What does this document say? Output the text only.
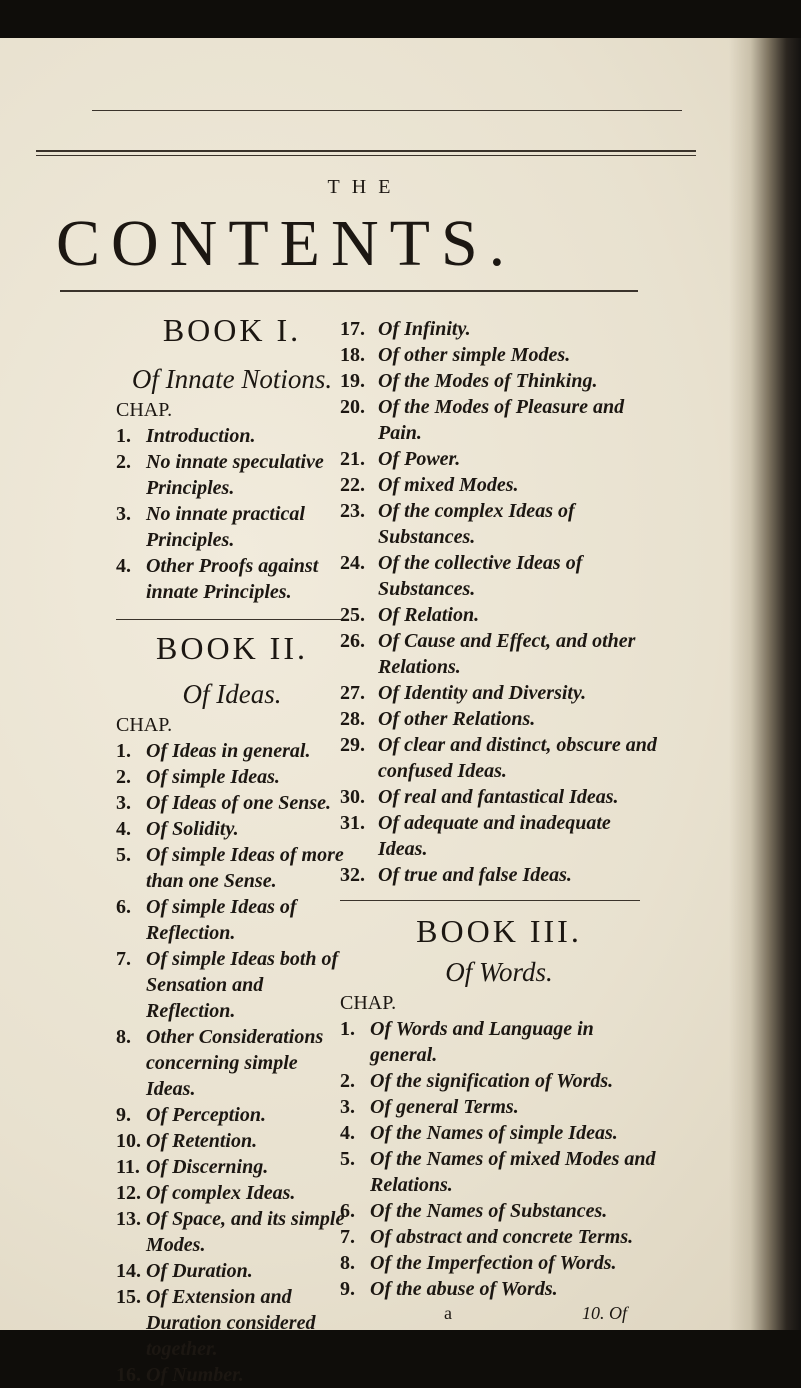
THE
CONTENTS.
BOOK I.
Of Innate Notions.
CHAP.
1. Introduction.
2. No innate speculative Principles.
3. No innate practical Principles.
4. Other Proofs against innate Principles.
BOOK II.
Of Ideas.
CHAP.
1. Of Ideas in general.
2. Of simple Ideas.
3. Of Ideas of one Sense.
4. Of Solidity.
5. Of simple Ideas of more than one Sense.
6. Of simple Ideas of Reflection.
7. Of simple Ideas both of Sensation and Reflection.
8. Other Considerations concerning simple Ideas.
9. Of Perception.
10. Of Retention.
11. Of Discerning.
12. Of complex Ideas.
13. Of Space, and its simple Modes.
14. Of Duration.
15. Of Extension and Duration considered together.
16. Of Number.
17. Of Infinity.
18. Of other simple Modes.
19. Of the Modes of Thinking.
20. Of the Modes of Pleasure and Pain.
21. Of Power.
22. Of mixed Modes.
23. Of the complex Ideas of Substances.
24. Of the collective Ideas of Substances.
25. Of Relation.
26. Of Cause and Effect, and other Relations.
27. Of Identity and Diversity.
28. Of other Relations.
29. Of clear and distinct, obscure and confused Ideas.
30. Of real and fantastical Ideas.
31. Of adequate and inadequate Ideas.
32. Of true and false Ideas.
BOOK III.
Of Words.
CHAP.
1. Of Words and Language in general.
2. Of the signification of Words.
3. Of general Terms.
4. Of the Names of simple Ideas.
5. Of the Names of mixed Modes and Relations.
6. Of the Names of Substances.
7. Of abstract and concrete Terms.
8. Of the Imperfection of Words.
9. Of the abuse of Words.
a	10. Of
